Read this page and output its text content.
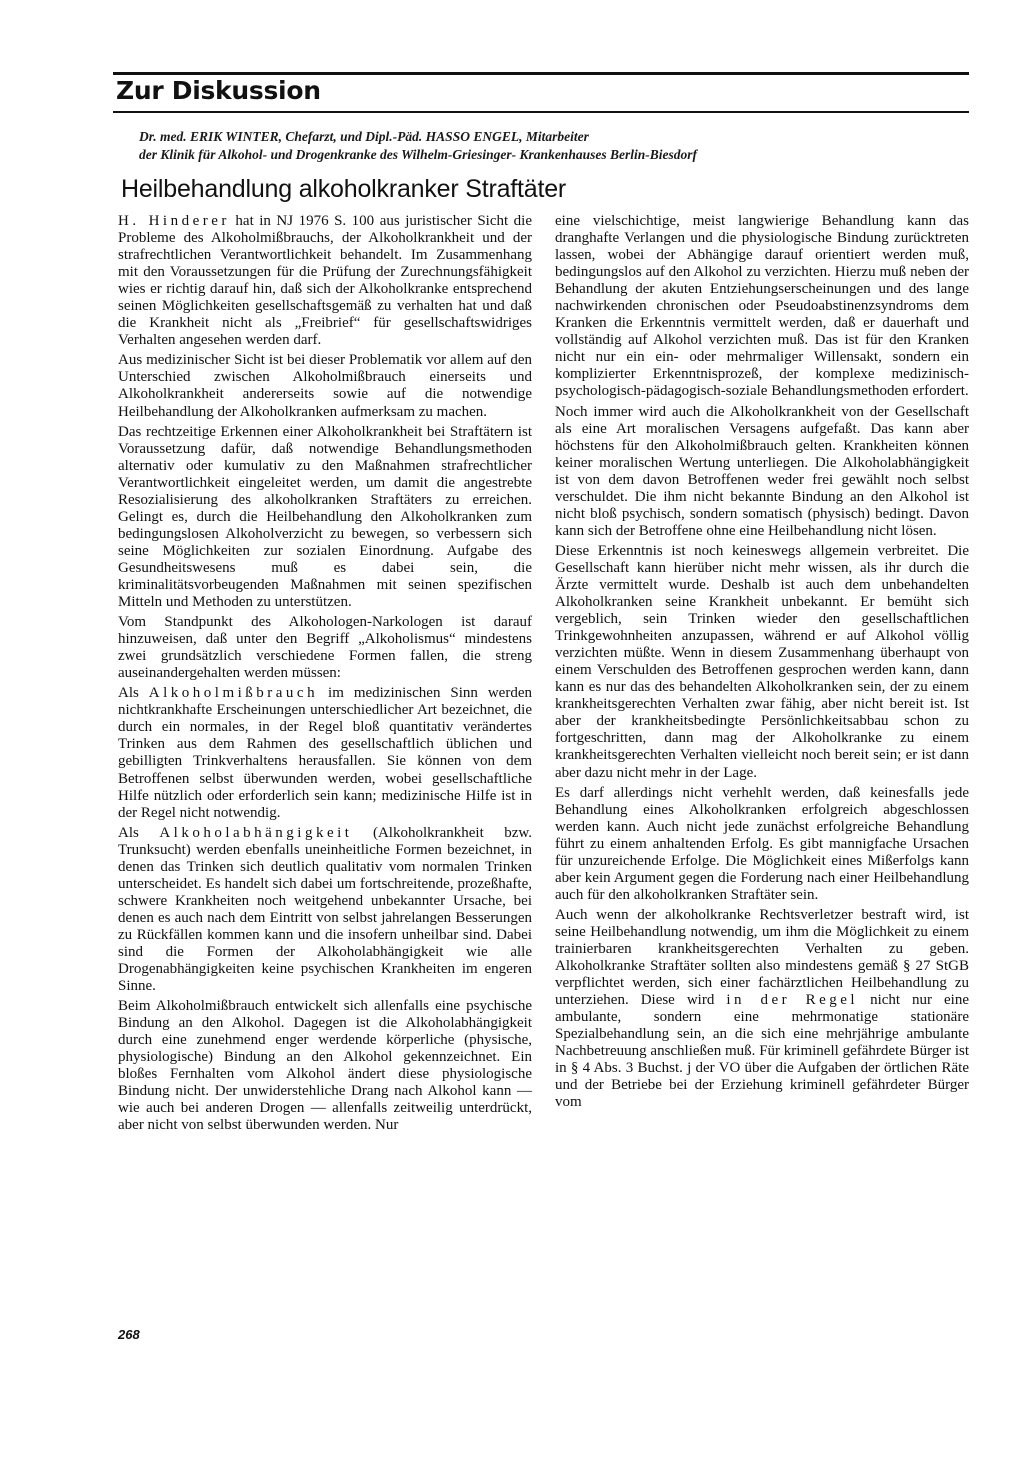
Zur Diskussion

Dr. med. ERIK WINTER, Chefarzt, und Dipl.-Päd. HASSO ENGEL, Mitarbeiter
der Klinik für Alkohol- und Drogenkranke des Wilhelm-Griesinger- Krankenhauses Berlin-Biesdorf

Heilbehandlung alkoholkranker Straftäter

H. Hinderer hat in NJ 1976 S. 100 aus juristischer Sicht die Probleme des Alkoholmißbrauchs, der Alkoholkrankheit und der strafrechtlichen Verantwortlichkeit behandelt. Im Zusammenhang mit den Voraussetzungen für die Prüfung der Zurechnungsfähigkeit wies er richtig darauf hin, daß sich der Alkoholkranke entsprechend seinen Möglichkeiten gesellschaftsgemäß zu verhalten hat und daß die Krankheit nicht als „Freibrief“ für gesellschaftswidriges Verhalten angesehen werden darf.

Aus medizinischer Sicht ist bei dieser Problematik vor allem auf den Unterschied zwischen Alkoholmißbrauch einerseits und Alkoholkrankheit andererseits sowie auf die notwendige Heilbehandlung der Alkoholkranken aufmerksam zu machen.

Das rechtzeitige Erkennen einer Alkoholkrankheit bei Straftätern ist Voraussetzung dafür, daß notwendige Behandlungsmethoden alternativ oder kumulativ zu den Maßnahmen strafrechtlicher Verantwortlichkeit eingeleitet werden, um damit die angestrebte Resozialisierung des alkoholkranken Straftäters zu erreichen. Gelingt es, durch die Heilbehandlung den Alkoholkranken zum bedingungslosen Alkoholverzicht zu bewegen, so verbessern sich seine Möglichkeiten zur sozialen Einordnung. Aufgabe des Gesundheitswesens muß es dabei sein, die kriminalitätsvorbeugenden Maßnahmen mit seinen spezifischen Mitteln und Methoden zu unterstützen.

Vom Standpunkt des Alkohologen-Narkologen ist darauf hinzuweisen, daß unter den Begriff „Alkoholismus“ mindestens zwei grundsätzlich verschiedene Formen fallen, die streng auseinandergehalten werden müssen:

Als Alkoholmißbrauch im medizinischen Sinn werden nichtkrankhafte Erscheinungen unterschiedlicher Art bezeichnet, die durch ein normales, in der Regel bloß quantitativ verändertes Trinken aus dem Rahmen des gesellschaftlich üblichen und gebilligten Trinkverhaltens herausfallen. Sie können von dem Betroffenen selbst überwunden werden, wobei gesellschaftliche Hilfe nützlich oder erforderlich sein kann; medizinische Hilfe ist in der Regel nicht notwendig.

Als Alkoholabhängigkeit (Alkoholkrankheit bzw. Trunksucht) werden ebenfalls uneinheitliche Formen bezeichnet, in denen das Trinken sich deutlich qualitativ vom normalen Trinken unterscheidet. Es handelt sich dabei um fortschreitende, prozeßhafte, schwere Krankheiten noch weitgehend unbekannter Ursache, bei denen es auch nach dem Eintritt von selbst jahrelangen Besserungen zu Rückfällen kommen kann und die insofern unheilbar sind. Dabei sind die Formen der Alkoholabhängigkeit wie alle Drogenabhängigkeiten keine psychischen Krankheiten im engeren Sinne.

Beim Alkoholmißbrauch entwickelt sich allenfalls eine psychische Bindung an den Alkohol. Dagegen ist die Alkoholabhängigkeit durch eine zunehmend enger werdende körperliche (physische, physiologische) Bindung an den Alkohol gekennzeichnet. Ein bloßes Fernhalten vom Alkohol ändert diese physiologische Bindung nicht. Der unwiderstehliche Drang nach Alkohol kann — wie auch bei anderen Drogen — allenfalls zeitweilig unterdrückt, aber nicht von selbst überwunden werden. Nur

eine vielschichtige, meist langwierige Behandlung kann das dranghafte Verlangen und die physiologische Bindung zurücktreten lassen, wobei der Abhängige darauf orientiert werden muß, bedingungslos auf den Alkohol zu verzichten. Hierzu muß neben der Behandlung der akuten Entziehungserscheinungen und des lange nachwirkenden chronischen oder Pseudoabstinenzsyndroms dem Kranken die Erkenntnis vermittelt werden, daß er dauerhaft und vollständig auf Alkohol verzichten muß. Das ist für den Kranken nicht nur ein ein- oder mehrmaliger Willensakt, sondern ein komplizierter Erkenntnisprozeß, der komplexe medizinisch-psychologisch-pädagogisch-soziale Behandlungsmethoden erfordert.

Noch immer wird auch die Alkoholkrankheit von der Gesellschaft als eine Art moralischen Versagens aufgefaßt. Das kann aber höchstens für den Alkoholmißbrauch gelten. Krankheiten können keiner moralischen Wertung unterliegen. Die Alkoholabhängigkeit ist von dem davon Betroffenen weder frei gewählt noch selbst verschuldet. Die ihm nicht bekannte Bindung an den Alkohol ist nicht bloß psychisch, sondern somatisch (physisch) bedingt. Davon kann sich der Betroffene ohne eine Heilbehandlung nicht lösen.

Diese Erkenntnis ist noch keineswegs allgemein verbreitet. Die Gesellschaft kann hierüber nicht mehr wissen, als ihr durch die Ärzte vermittelt wurde. Deshalb ist auch dem unbehandelten Alkoholkranken seine Krankheit unbekannt. Er bemüht sich vergeblich, sein Trinken wieder den gesellschaftlichen Trinkgewohnheiten anzupassen, während er auf Alkohol völlig verzichten müßte. Wenn in diesem Zusammenhang überhaupt von einem Verschulden des Betroffenen gesprochen werden kann, dann kann es nur das des behandelten Alkoholkranken sein, der zu einem krankheitsgerechten Verhalten zwar fähig, aber nicht bereit ist. Ist aber der krankheitsbedingte Persönlichkeitsabbau schon zu fortgeschritten, dann mag der Alkoholkranke zu einem krankheitsgerechten Verhalten vielleicht noch bereit sein; er ist dann aber dazu nicht mehr in der Lage.

Es darf allerdings nicht verhehlt werden, daß keinesfalls jede Behandlung eines Alkoholkranken erfolgreich abgeschlossen werden kann. Auch nicht jede zunächst erfolgreiche Behandlung führt zu einem anhaltenden Erfolg. Es gibt mannigfache Ursachen für unzureichende Erfolge. Die Möglichkeit eines Mißerfolgs kann aber kein Argument gegen die Forderung nach einer Heilbehandlung auch für den alkoholkranken Straftäter sein.

Auch wenn der alkoholkranke Rechtsverletzer bestraft wird, ist seine Heilbehandlung notwendig, um ihm die Möglichkeit zu einem trainierbaren krankheitsgerechten Verhalten zu geben. Alkoholkranke Straftäter sollten also mindestens gemäß § 27 StGB verpflichtet werden, sich einer fachärztlichen Heilbehandlung zu unterziehen. Diese wird in der Regel nicht nur eine ambulante, sondern eine mehrmonatige stationäre Spezialbehandlung sein, an die sich eine mehrjährige ambulante Nachbetreuung anschließen muß. Für kriminell gefährdete Bürger ist in § 4 Abs. 3 Buchst. j der VO über die Aufgaben der örtlichen Räte und der Betriebe bei der Erziehung kriminell gefährdeter Bürger vom

268
